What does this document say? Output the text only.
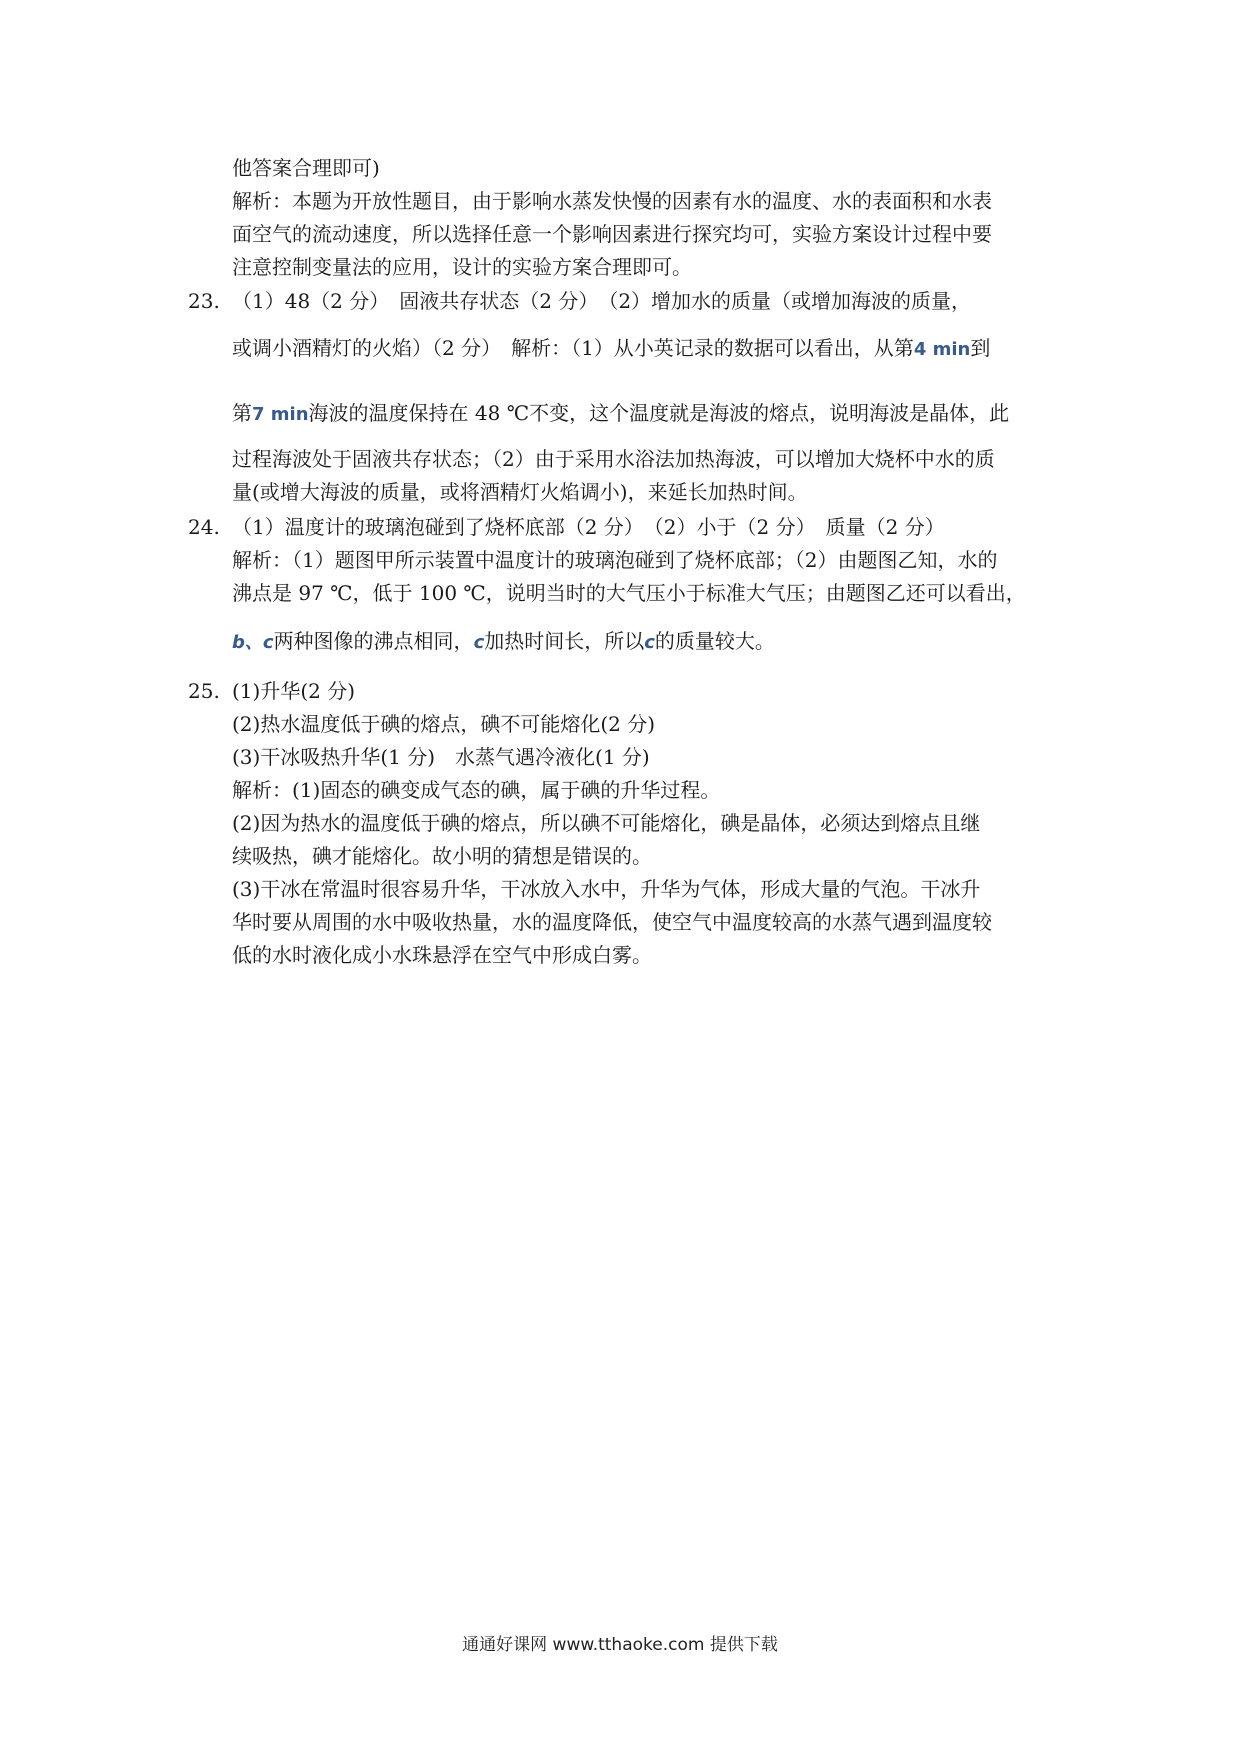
他答案合理即可)
解析：本题为开放性题目，由于影响水蒸发快慢的因素有水的温度、水的表面积和水表
面空气的流动速度，所以选择任意一个影响因素进行探究均可，实验方案设计过程中要
注意控制变量法的应用，设计的实验方案合理即可。
23. （1）48（2 分）　固液共存状态（2 分）　（2）增加水的质量（或增加海波的质量，
或调小酒精灯的火焰）（2 分）　解析：（1）从小英记录的数据可以看出，从第4 min到
第7 min海波的温度保持在 48 ℃不变，这个温度就是海波的熔点，说明海波是晶体，此
过程海波处于固液共存状态；（2）由于采用水浴法加热海波，可以增加大烧杯中水的质
量(或增大海波的质量，或将酒精灯火焰调小)，来延长加热时间。
24. （1）温度计的玻璃泡碰到了烧杯底部（2 分）　（2）小于（2 分）　质量（2 分）
解析：（1）题图甲所示装置中温度计的玻璃泡碰到了烧杯底部；（2）由题图乙知，水的
沸点是 97 ℃，低于 100 ℃，说明当时的大气压小于标准大气压；由题图乙还可以看出，
b、c两种图像的沸点相同，c加热时间长，所以c的质量较大。
25. (1)升华(2 分)
(2)热水温度低于碘的熔点，碘不可能熔化(2 分)
(3)干冰吸热升华(1 分)　水蒸气遇冷液化(1 分)
解析：(1)固态的碘变成气态的碘，属于碘的升华过程。
(2)因为热水的温度低于碘的熔点，所以碘不可能熔化，碘是晶体，必须达到熔点且继
续吸热，碘才能熔化。故小明的猜想是错误的。
(3)干冰在常温时很容易升华，干冰放入水中，升华为气体，形成大量的气泡。干冰升
华时要从周围的水中吸收热量，水的温度降低，使空气中温度较高的水蒸气遇到温度较
低的水时液化成小水珠悬浮在空气中形成白雾。
通通好课网 www.tthaoke.com 提供下载
